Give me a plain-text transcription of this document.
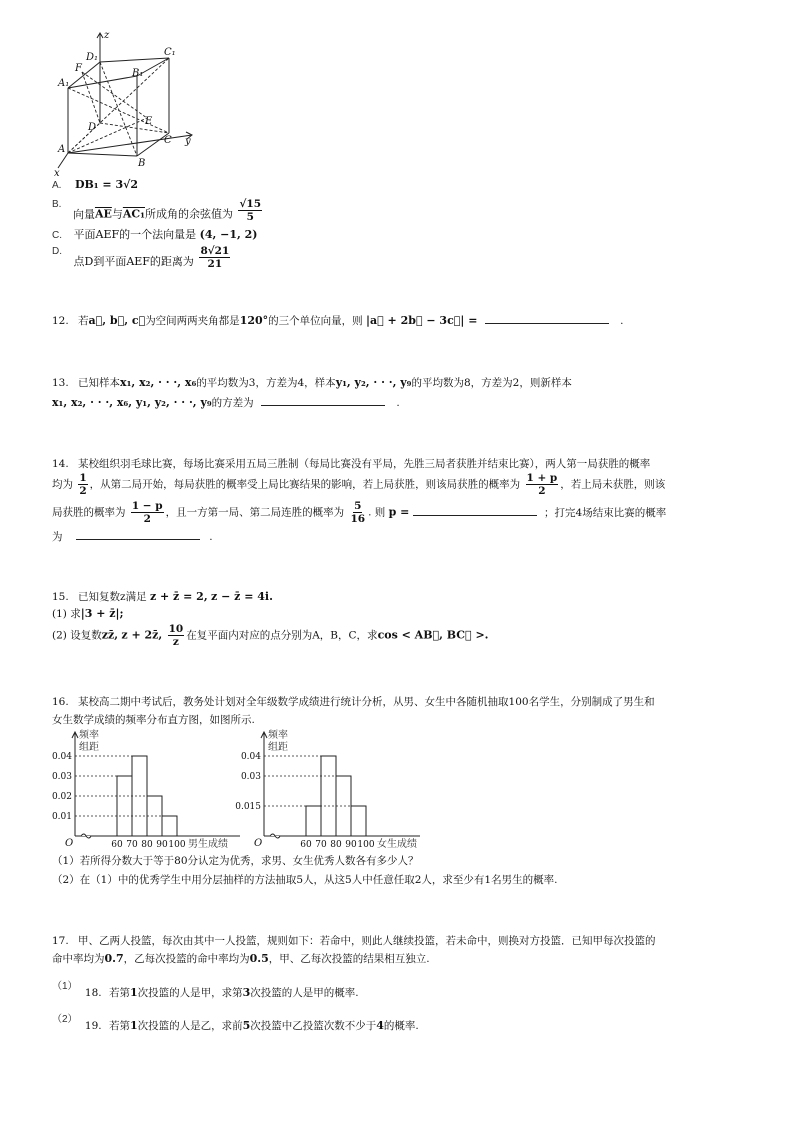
z
D₁	C₁
F
A₁
B₁
D
E
C y
A
B
x
A. DB₁ = 3√2
B. 向量$\overline{AE}$与AC₁所成角的余弦值为 $\frac{√15}{5}$
C. 平面AEF的一个法向量是 (4, −1, 2)
D. 点D到平面AEF的距离为 $\frac{8√21}{21}$
12. 若a⃗, b⃗, c⃗为空间两两夹角都是120°的三个单位向量，则 |a⃗ + 2b⃗ − 3c⃗| =	.
13. 已知样本x₁, x₂, · · ·, x₆的平均数为3，方差为4，样本y₁, y₂, · · ·, y₉的平均数为8，方差为2，则新样本
x₁, x₂, · · ·, x₆, y₁, y₂, · · ·, y₉的方差为	.
14. 某校组织羽毛球比赛，每场比赛采用五局三胜制（每局比赛没有平局，先胜三局者获胜并结束比赛），两人第一局获胜的概率
均为 $\frac{1}{2}$ ，从第二局开始，每局获胜的概率受上局比赛结果的影响，若上局获胜，则该局获胜的概率为 $\frac{1 + p}{2}$ ，若上局未获胜，则该
局获胜的概率为 $\frac{1 - p}{2}$ ，且一方第一局、第二局连胜的概率为 $\frac{5}{16}$ . 则 p =	；打完4场结束比赛的概率
为	.
15. 已知复数z满足 z + z̄ = 2, z − z̄ = 4i.
(1) 求|3 + z̄|;
(2) 设复数zz̄, z + 2z̄, $\frac{10}{z}$ 在复平面内对应的点分别为A，B，C，求cos < AB⃗, BC⃗ >.
16. 某校高二期中考试后，教务处计划对全年级数学成绩进行统计分析，从男、女生中各随机抽取100名学生，分别制成了男生和
女生数学成绩的频率分布直方图，如图所示.
频率
组距
O
0.04
0.03
0.02
0.01
60 70 80 90 100 男生成绩
频率
组距
O
0.04
0.03
0.015
60 70 80 90 100 女生成绩
（1）若所得分数大于等于80分认定为优秀，求男、女生优秀人数各有多少人？
（2）在（1）中的优秀学生中用分层抽样的方法抽取5人，从这5人中任意任取2人，求至少有1名男生的概率.
17. 甲、乙两人投篮，每次由其中一人投篮，规则如下：若命中，则此人继续投篮，若未命中，则换对方投篮．已知甲每次投篮的
命中率均为0.7，乙每次投篮的命中率均为0.5，甲、乙每次投篮的结果相互独立.
（1） 18. 若第1次投篮的人是甲，求第3次投篮的人是甲的概率.
（2） 19. 若第1次投篮的人是乙，求前5次投篮中乙投篮次数不少于4的概率.
